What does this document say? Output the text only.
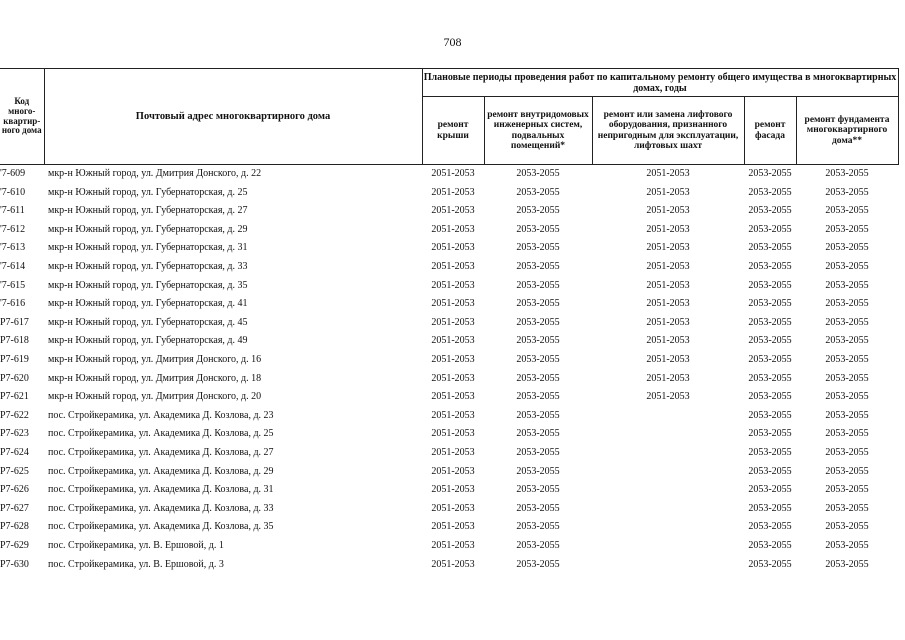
708
Код много-квартир-ного дома	Почтовый адрес многоквартирного дома	Плановые периоды проведения работ по капитальному ремонту общего имущества в многоквартирных домах, годы				
		ремонт крыши	ремонт внутридомовых инженерных систем, подвальных помещений*	ремонт или замена лифтового оборудования, признанного непригодным для эксплуатации, лифтовых шахт	ремонт фасада	ремонт фундамента многоквартирного дома**
'7-609	мкр-н Южный город, ул. Дмитрия Донского, д. 22	2051-2053	2053-2055	2051-2053	2053-2055	2053-2055
'7-610	мкр-н Южный город, ул. Губернаторская, д. 25	2051-2053	2053-2055	2051-2053	2053-2055	2053-2055
'7-611	мкр-н Южный город, ул. Губернаторская, д. 27	2051-2053	2053-2055	2051-2053	2053-2055	2053-2055
'7-612	мкр-н Южный город, ул. Губернаторская, д. 29	2051-2053	2053-2055	2051-2053	2053-2055	2053-2055
'7-613	мкр-н Южный город, ул. Губернаторская, д. 31	2051-2053	2053-2055	2051-2053	2053-2055	2053-2055
'7-614	мкр-н Южный город, ул. Губернаторская, д. 33	2051-2053	2053-2055	2051-2053	2053-2055	2053-2055
'7-615	мкр-н Южный город, ул. Губернаторская, д. 35	2051-2053	2053-2055	2051-2053	2053-2055	2053-2055
'7-616	мкр-н Южный город, ул. Губернаторская, д. 41	2051-2053	2053-2055	2051-2053	2053-2055	2053-2055
P7-617	мкр-н Южный город, ул. Губернаторская, д. 45	2051-2053	2053-2055	2051-2053	2053-2055	2053-2055
P7-618	мкр-н Южный город, ул. Губернаторская, д. 49	2051-2053	2053-2055	2051-2053	2053-2055	2053-2055
P7-619	мкр-н Южный город, ул. Дмитрия Донского, д. 16	2051-2053	2053-2055	2051-2053	2053-2055	2053-2055
P7-620	мкр-н Южный город, ул. Дмитрия Донского, д. 18	2051-2053	2053-2055	2051-2053	2053-2055	2053-2055
P7-621	мкр-н Южный город, ул. Дмитрия Донского, д. 20	2051-2053	2053-2055	2051-2053	2053-2055	2053-2055
P7-622	пос. Стройкерамика, ул. Академика Д. Козлова, д. 23	2051-2053	2053-2055		2053-2055	2053-2055
P7-623	пос. Стройкерамика, ул. Академика Д. Козлова, д. 25	2051-2053	2053-2055		2053-2055	2053-2055
P7-624	пос. Стройкерамика, ул. Академика Д. Козлова, д. 27	2051-2053	2053-2055		2053-2055	2053-2055
P7-625	пос. Стройкерамика, ул. Академика Д. Козлова, д. 29	2051-2053	2053-2055		2053-2055	2053-2055
P7-626	пос. Стройкерамика, ул. Академика Д. Козлова, д. 31	2051-2053	2053-2055		2053-2055	2053-2055
P7-627	пос. Стройкерамика, ул. Академика Д. Козлова, д. 33	2051-2053	2053-2055		2053-2055	2053-2055
P7-628	пос. Стройкерамика, ул. Академика Д. Козлова, д. 35	2051-2053	2053-2055		2053-2055	2053-2055
P7-629	пос. Стройкерамика, ул. В. Ершовой, д. 1	2051-2053	2053-2055		2053-2055	2053-2055
P7-630	пос. Стройкерамика, ул. В. Ершовой, д. 3	2051-2053	2053-2055		2053-2055	2053-2055
